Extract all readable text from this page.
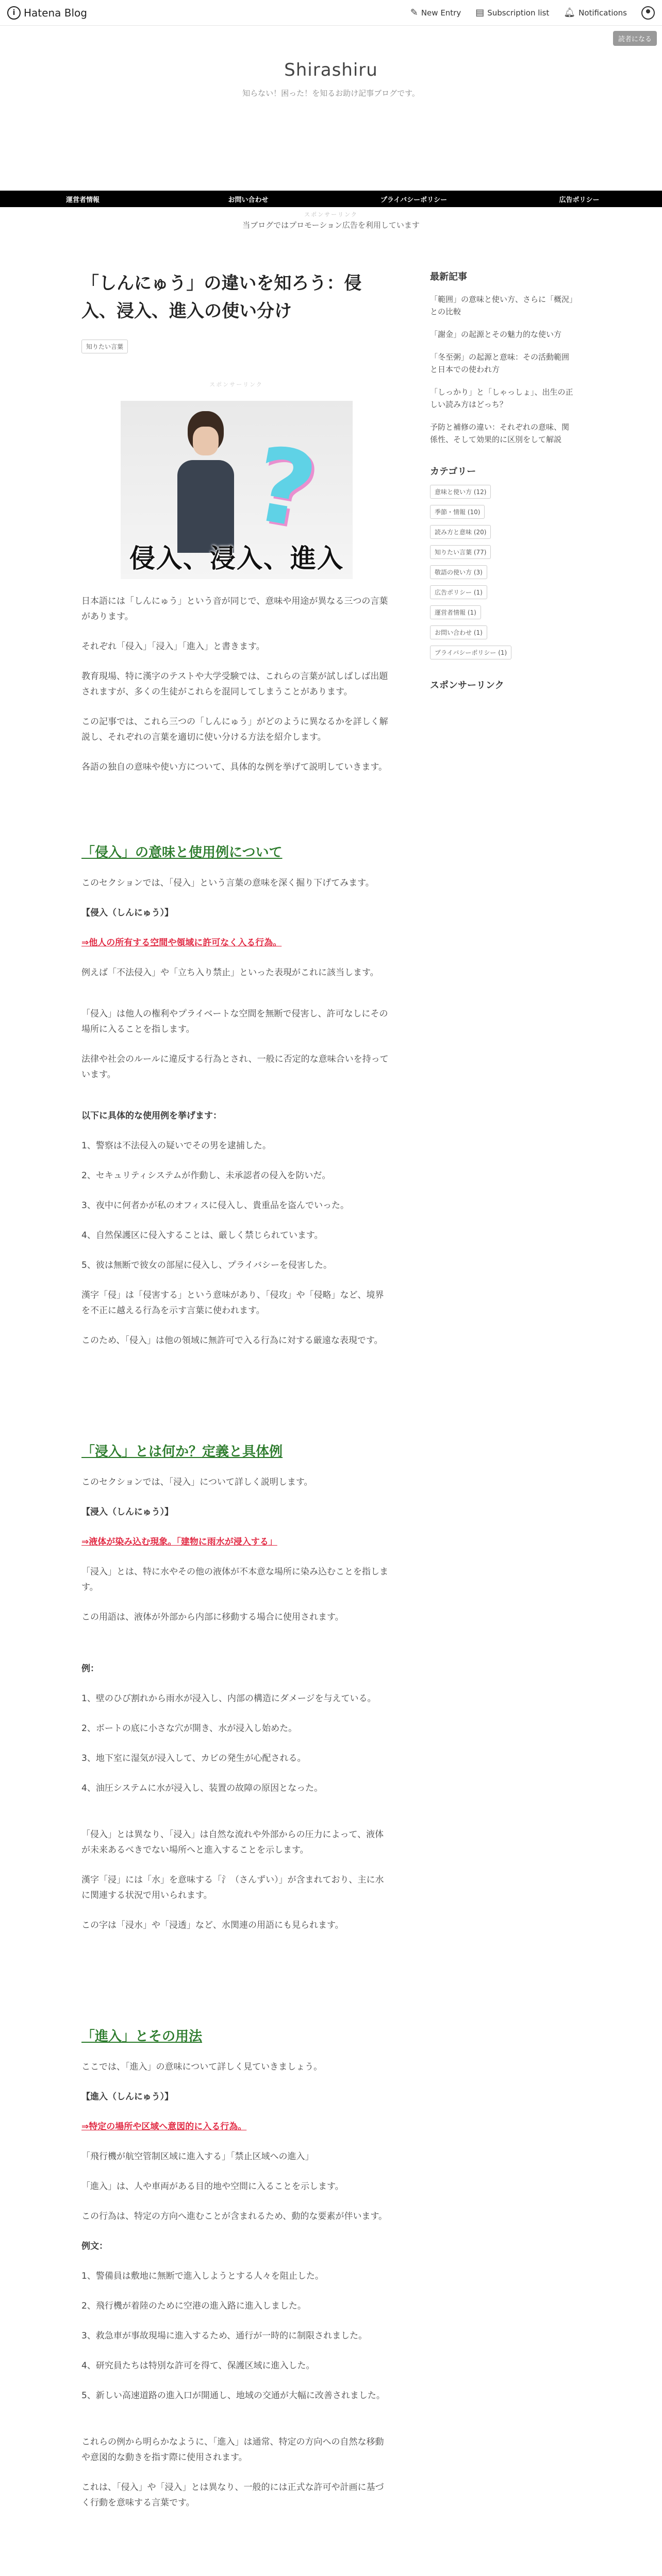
i Hatena Blog	✎ New Entry ▤ Subscription list 🔔︎ Notifications
読者になる
Shirashiru
知らない！困った！を知るお助け記事ブログです。
運営者情報	お問い合わせ	プライバシーポリシー	広告ポリシー
スポンサーリンク
当ブログではプロモーション広告を利用しています
「しんにゅう」の違いを知ろう：侵入、浸入、進入の使い分け
知りたい言葉
スポンサーリンク
?
侵入、浸入、進入

日本語には「しんにゅう」という音が同じで、意味や用途が異なる三つの言葉があります。

それぞれ「侵入」「浸入」「進入」と書きます。

教育現場、特に漢字のテストや大学受験では、これらの言葉が試しばしば出題されますが、多くの生徒がこれらを混同してしまうことがあります。

この記事では、これら三つの「しんにゅう」がどのように異なるかを詳しく解説し、それぞれの言葉を適切に使い分ける方法を紹介します。

各語の独自の意味や使い方について、具体的な例を挙げて説明していきます。

「侵入」の意味と使用例について

このセクションでは、「侵入」という言葉の意味を深く掘り下げてみます。

【侵入（しんにゅう）】

⇒他人の所有する空間や領域に許可なく入る行為。

例えば「不法侵入」や「立ち入り禁止」といった表現がこれに該当します。

「侵入」は他人の権利やプライベートな空間を無断で侵害し、許可なしにその場所に入ることを指します。

法律や社会のルールに違反する行為とされ、一般に否定的な意味合いを持っています。

以下に具体的な使用例を挙げます：

1、警察は不法侵入の疑いでその男を逮捕した。

2、セキュリティシステムが作動し、未承認者の侵入を防いだ。

3、夜中に何者かが私のオフィスに侵入し、貴重品を盗んでいった。

4、自然保護区に侵入することは、厳しく禁じられています。

5、彼は無断で彼女の部屋に侵入し、プライバシーを侵害した。

漢字「侵」は「侵害する」という意味があり、「侵攻」や「侵略」など、境界を不正に越える行為を示す言葉に使われます。

このため、「侵入」は他の領域に無許可で入る行為に対する厳遠な表現です。

「浸入」とは何か？定義と具体例

このセクションでは、「浸入」について詳しく説明します。

【浸入（しんにゅう）】

⇒液体が染み込む現象。「建物に雨水が浸入する」

「浸入」とは、特に水やその他の液体が不本意な場所に染み込むことを指します。

この用語は、液体が外部から内部に移動する場合に使用されます。

例：

1、壁のひび割れから雨水が浸入し、内部の構造にダメージを与えている。

2、ボートの底に小さな穴が開き、水が浸入し始めた。

3、地下室に湿気が浸入して、カビの発生が心配される。

4、油圧システムに水が浸入し、装置の故障の原因となった。

「侵入」とは異なり、「浸入」は自然な流れや外部からの圧力によって、液体が未来あるべきでない場所へと進入することを示します。

漢字「浸」には「水」を意味する「氵（さんずい）」が含まれており、主に水に関連する状況で用いられます。

この字は「浸水」や「浸透」など、水関連の用語にも見られます。

「進入」とその用法

ここでは、「進入」の意味について詳しく見ていきましょう。

【進入（しんにゅう）】

⇒特定の場所や区域へ意図的に入る行為。

「飛行機が航空管制区域に進入する」「禁止区域への進入」

「進入」は、人や車両がある目的地や空間に入ることを示します。

この行為は、特定の方向へ進むことが含まれるため、動的な要素が伴います。

例文：

1、警備員は敷地に無断で進入しようとする人々を阻止した。

2、飛行機が着陸のために空港の進入路に進入しました。

3、救急車が事故現場に進入するため、通行が一時的に制限されました。

4、研究員たちは特別な許可を得て、保護区域に進入した。

5、新しい高速道路の進入口が開通し、地域の交通が大幅に改善されました。

これらの例から明らかなように、「進入」は通常、特定の方向への自然な移動や意図的な動きを指す際に使用されます。

これは、「侵入」や「浸入」とは異なり、一般的には正式な許可や計画に基づく行動を意味する言葉です。

最新記事
「範囲」の意味と使い方、さらに「概況」との比較
「謝金」の起源とその魅力的な使い方
「冬至粥」の起源と意味：その活動範囲と日本での使われ方
「しっかり」と「しゃっしょ」、出生の正しい読み方はどっち？
予防と補修の違い：それぞれの意味、関係性、そして効果的に区別をして解説
カテゴリー
意味と使い方 (12)
季節・情報 (10)
読み方と意味 (20)
知りたい言葉 (77)
敬語の使い方 (3)
広告ポリシー (1)
運営者情報 (1)
お問い合わせ (1)
プライバシーポリシー (1)
スポンサーリンク
